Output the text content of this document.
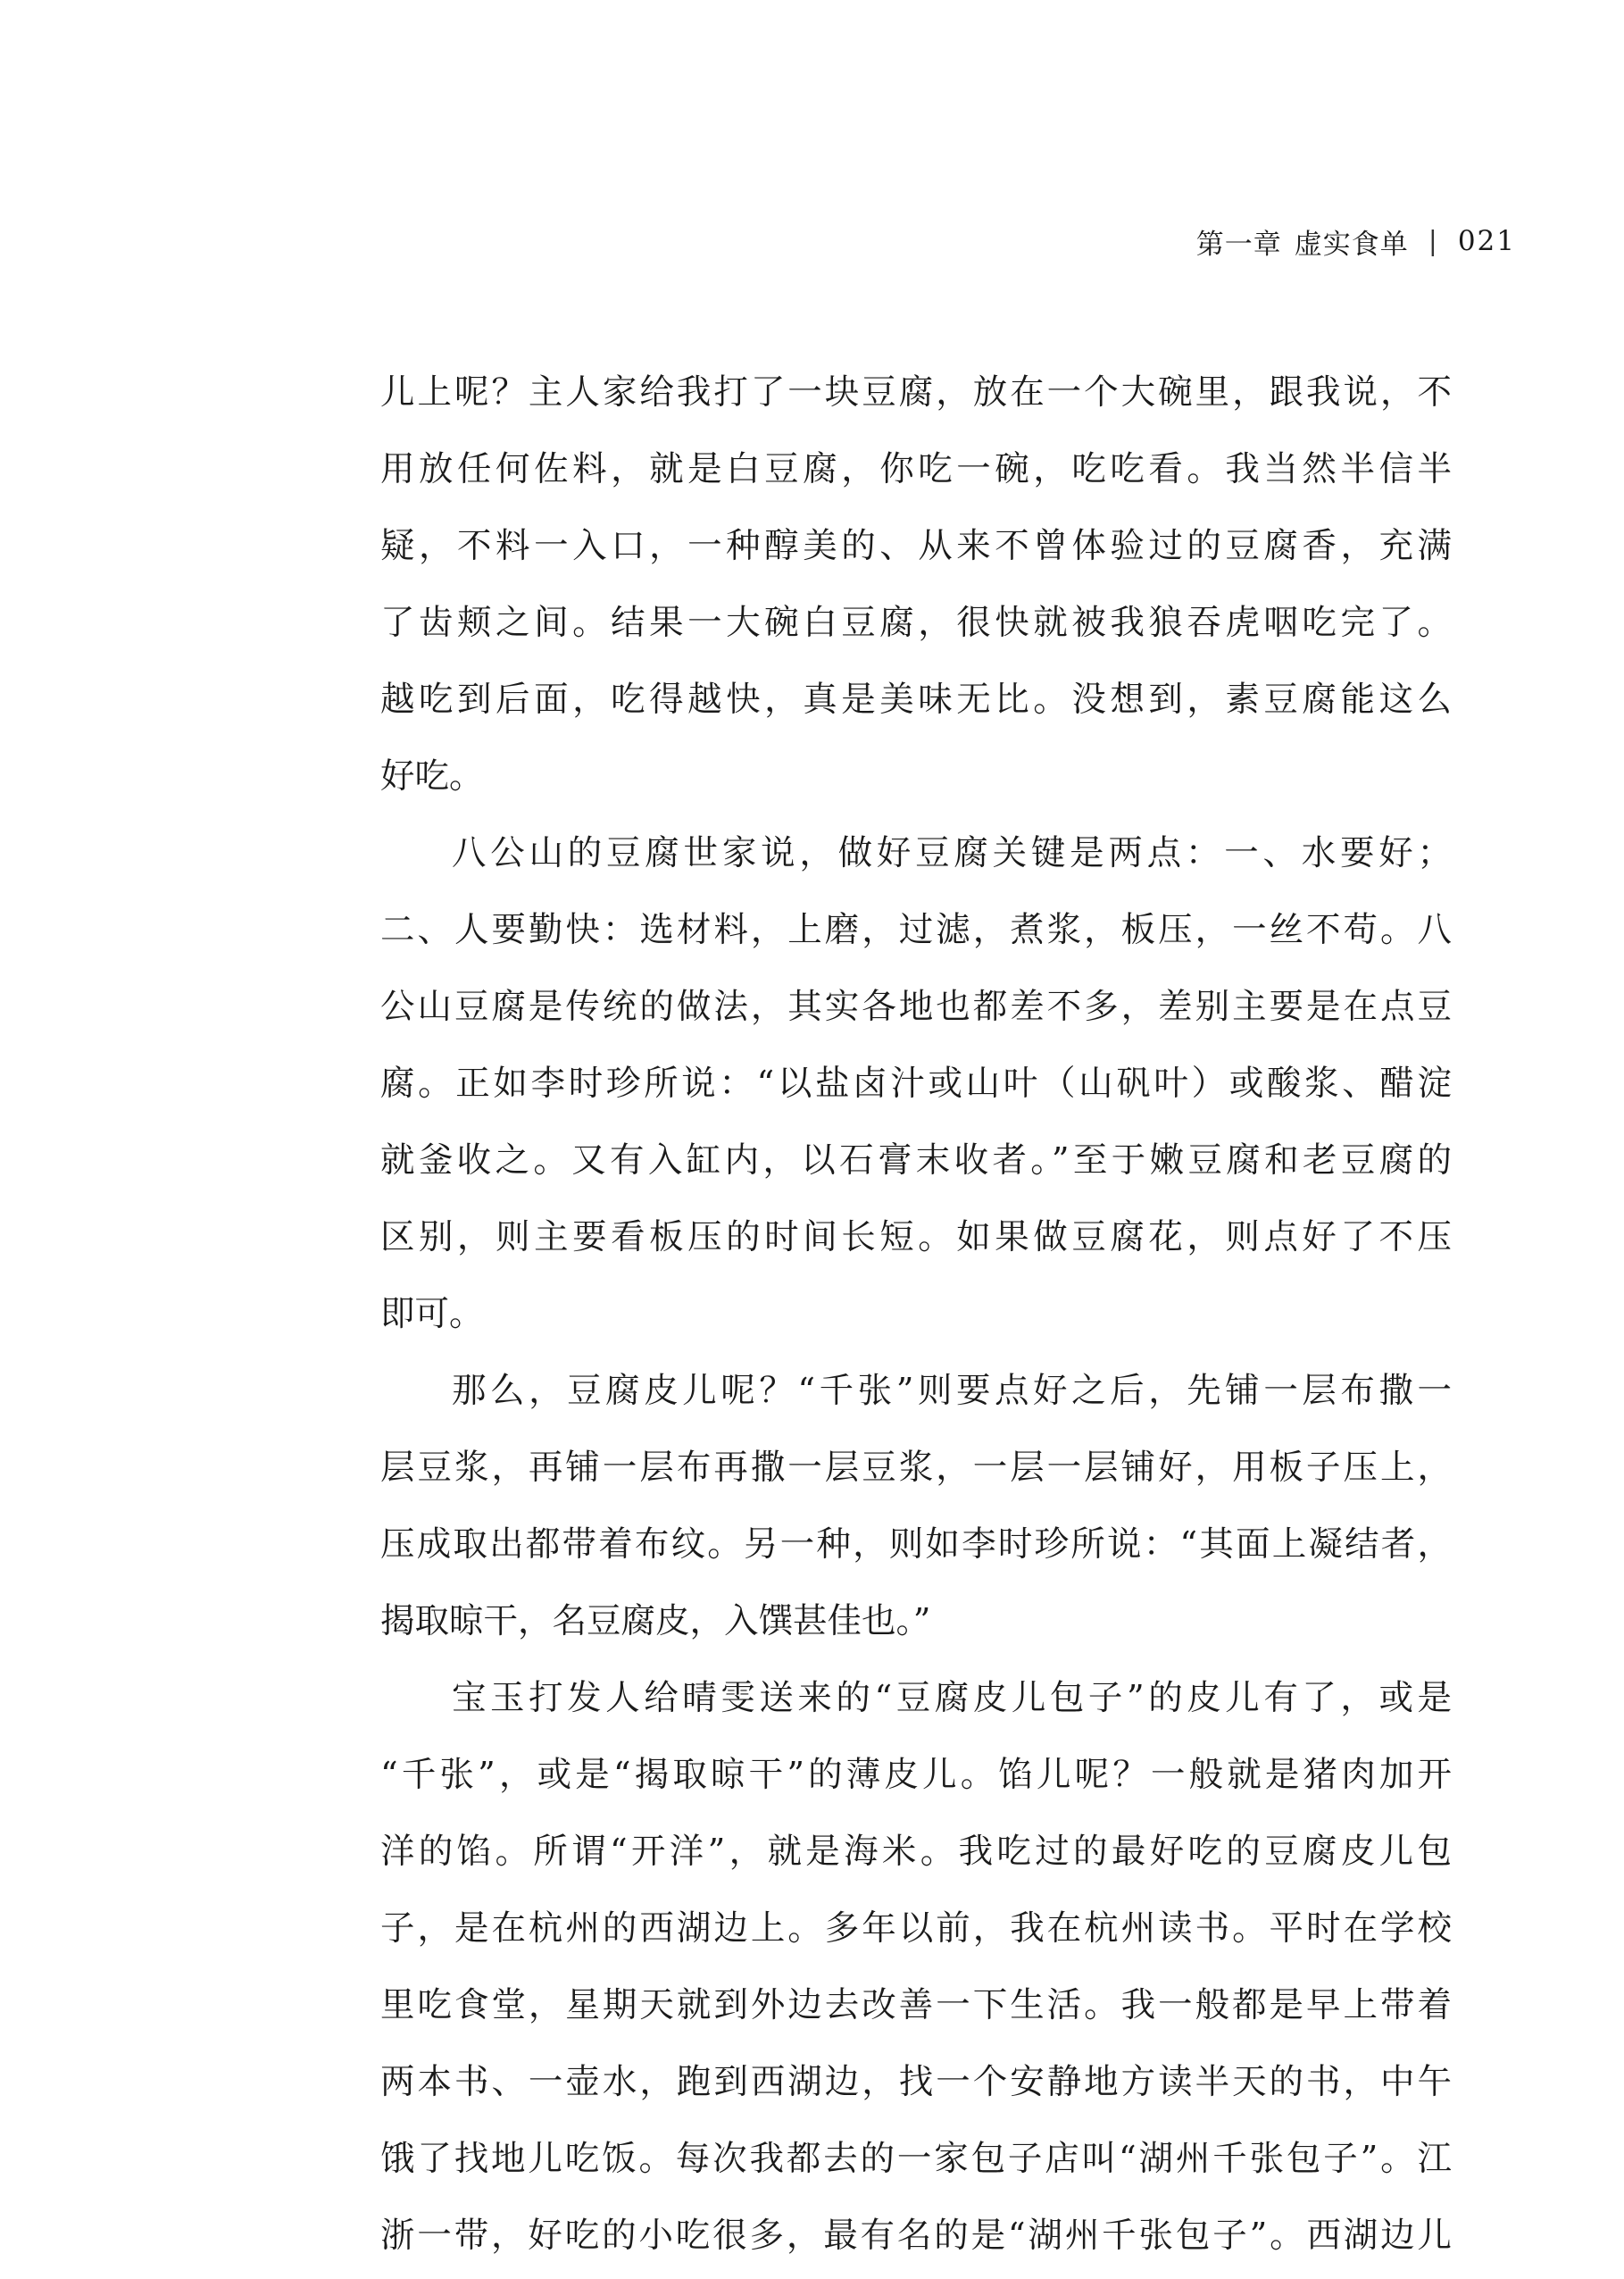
第一章 虚实食单 | 021
儿上呢？主人家给我打了一块豆腐，放在一个大碗里，跟我说，不
用放任何佐料，就是白豆腐，你吃一碗，吃吃看。我当然半信半
疑，不料一入口，一种醇美的、从来不曾体验过的豆腐香，充满
了齿颊之间。结果一大碗白豆腐，很快就被我狼吞虎咽吃完了。
越吃到后面，吃得越快，真是美味无比。没想到，素豆腐能这么
好吃。
八公山的豆腐世家说，做好豆腐关键是两点：一、水要好；
二、人要勤快：选材料，上磨，过滤，煮浆，板压，一丝不苟。八
公山豆腐是传统的做法，其实各地也都差不多，差别主要是在点豆
腐。正如李时珍所说：“以盐卤汁或山叶（山矾叶）或酸浆、醋淀
就釜收之。又有入缸内，以石膏末收者。”至于嫩豆腐和老豆腐的
区别，则主要看板压的时间长短。如果做豆腐花，则点好了不压
即可。
那么，豆腐皮儿呢？“千张”则要点好之后，先铺一层布撒一
层豆浆，再铺一层布再撒一层豆浆，一层一层铺好，用板子压上，
压成取出都带着布纹。另一种，则如李时珍所说：“其面上凝结者，
揭取晾干，名豆腐皮，入馔甚佳也。”
宝玉打发人给晴雯送来的“豆腐皮儿包子”的皮儿有了，或是
“千张”，或是“揭取晾干”的薄皮儿。馅儿呢？一般就是猪肉加开
洋的馅。所谓“开洋”，就是海米。我吃过的最好吃的豆腐皮儿包
子，是在杭州的西湖边上。多年以前，我在杭州读书。平时在学校
里吃食堂，星期天就到外边去改善一下生活。我一般都是早上带着
两本书、一壶水，跑到西湖边，找一个安静地方读半天的书，中午
饿了找地儿吃饭。每次我都去的一家包子店叫“湖州千张包子”。江
浙一带，好吃的小吃很多，最有名的是“湖州千张包子”。西湖边儿
